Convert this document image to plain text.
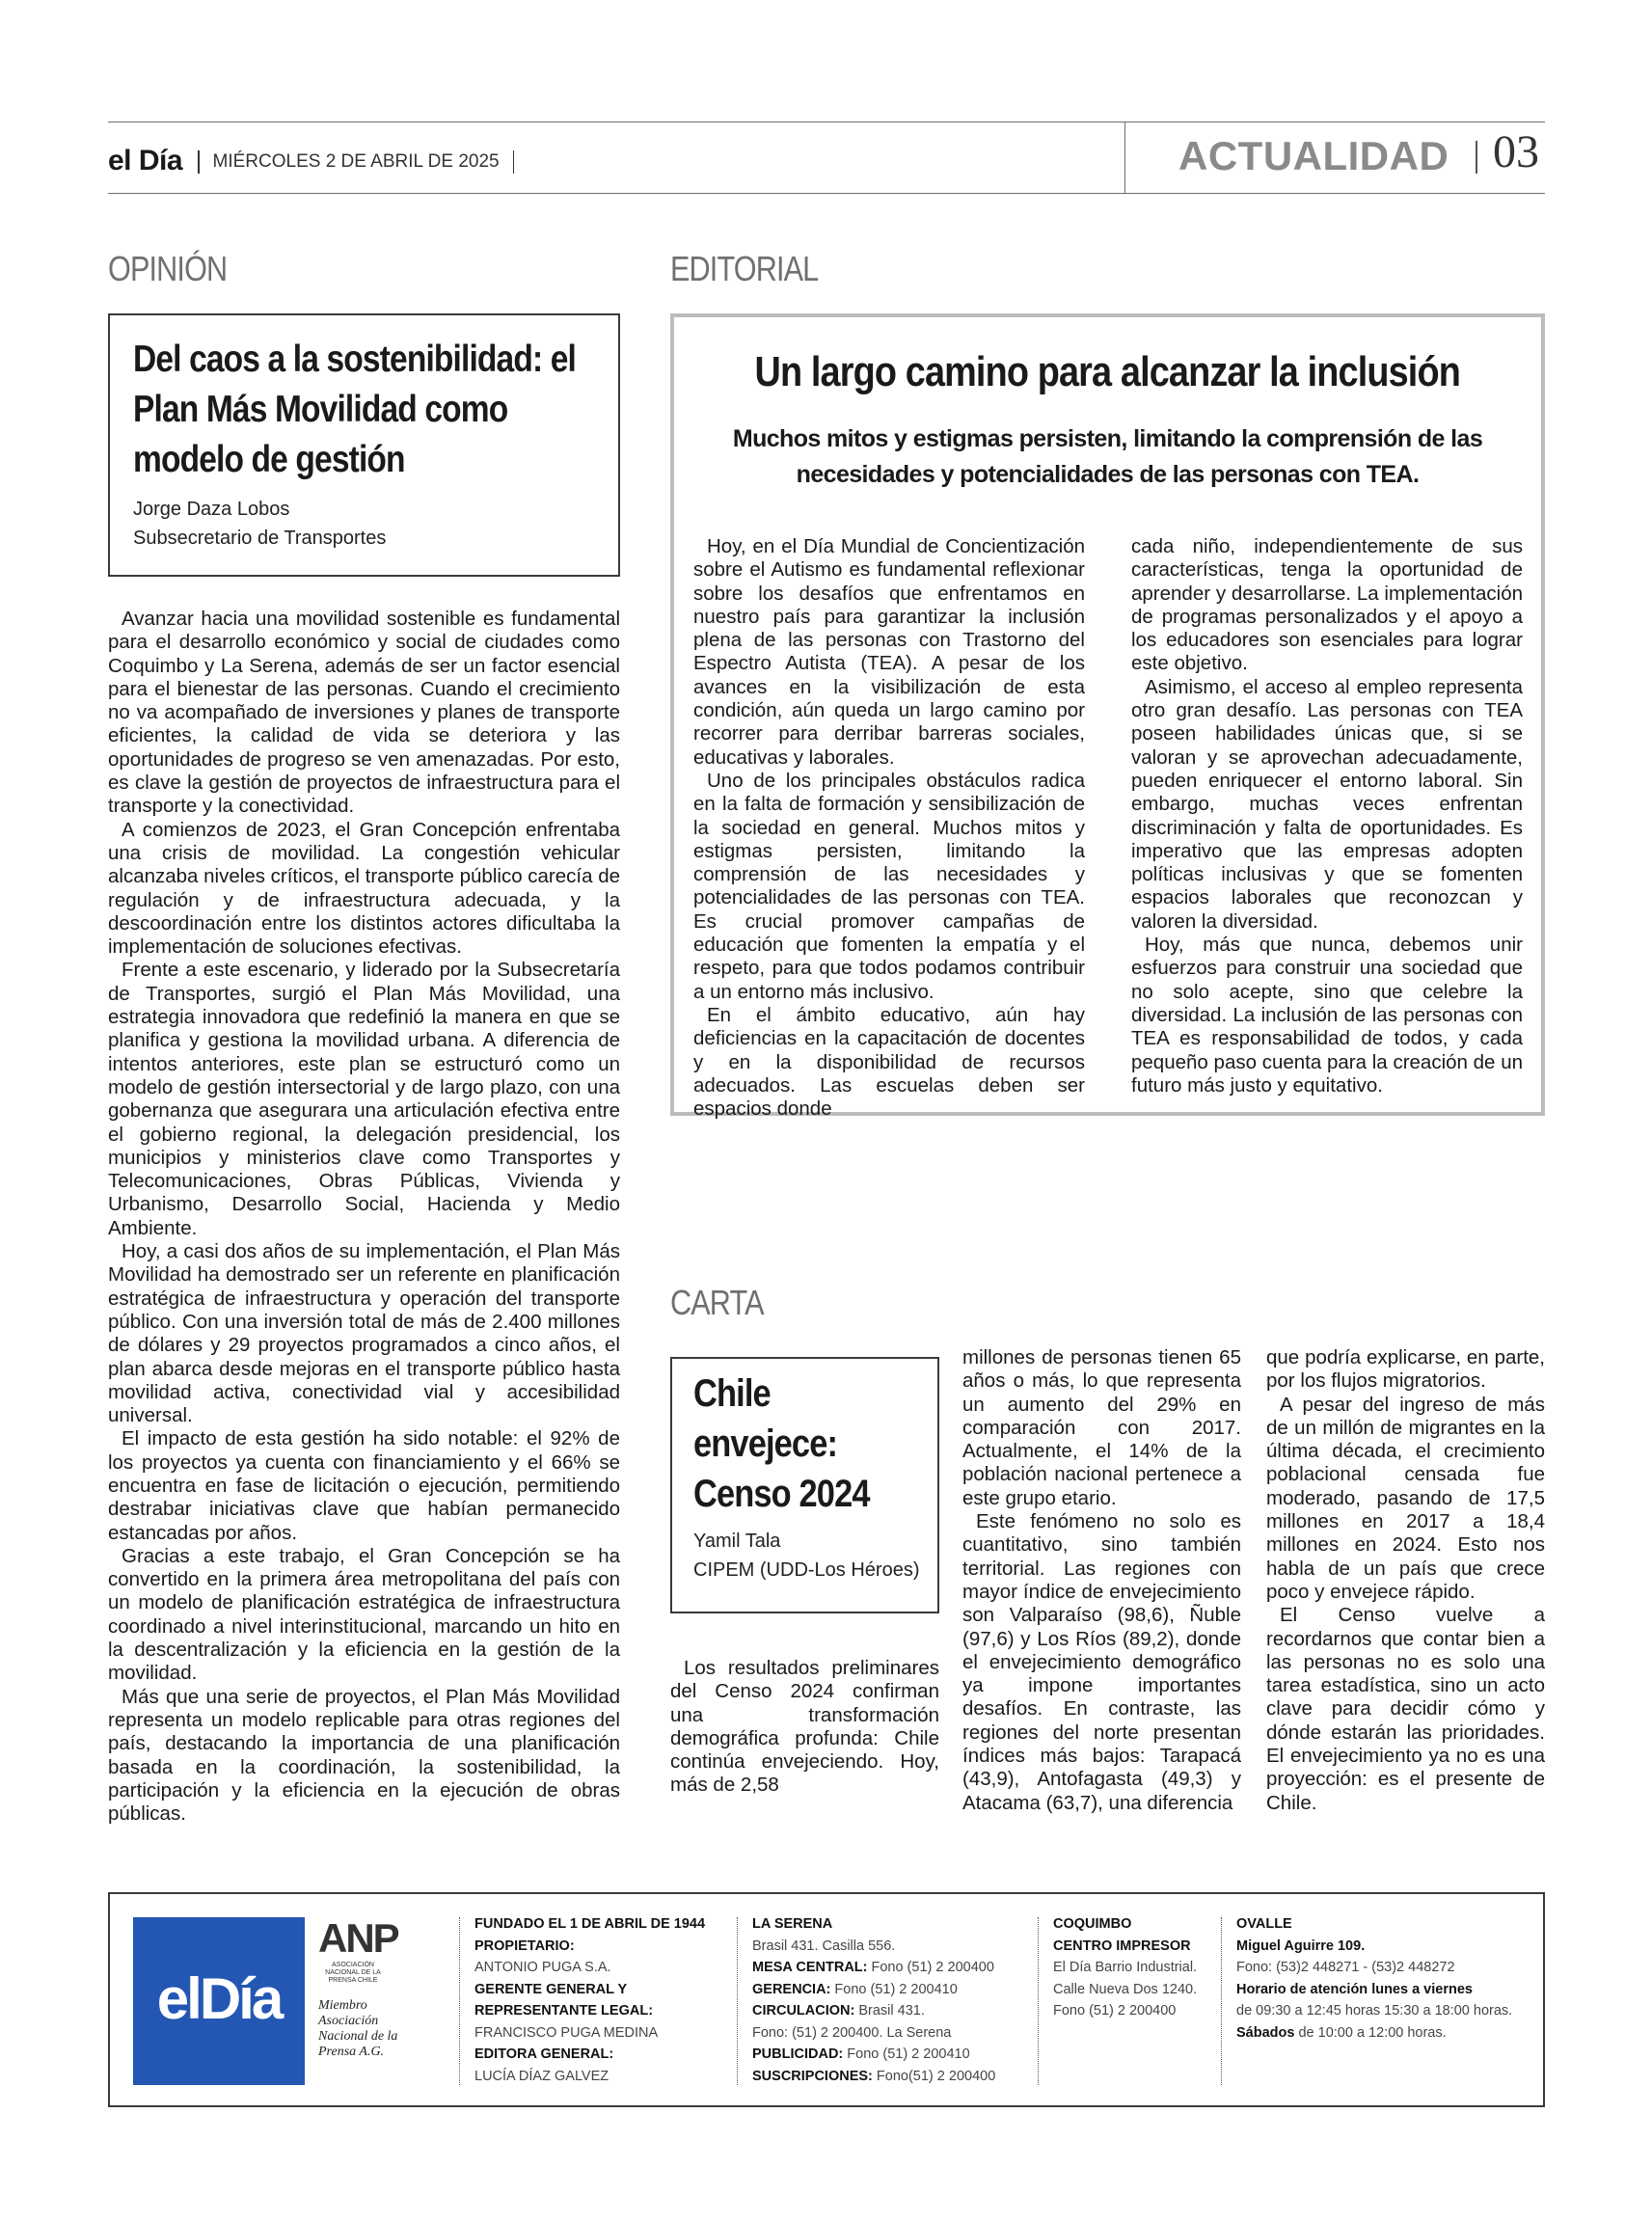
el Día MIÉRCOLES 2 DE ABRIL DE 2025	ACTUALIDAD 03
OPINIÓN
Del caos a la sostenibilidad: el Plan Más Movilidad como modelo de gestión
Jorge Daza Lobos
Subsecretario de Transportes

Avanzar hacia una movilidad sostenible es fundamental para el desarrollo económico y social de ciudades como Coquimbo y La Serena, además de ser un factor esencial para el bienestar de las personas. Cuando el crecimiento no va acompañado de inversiones y planes de transporte eficientes, la calidad de vida se deteriora y las oportunidades de progreso se ven amenazadas. Por esto, es clave la gestión de proyectos de infraestructura para el transporte y la conectividad.

A comienzos de 2023, el Gran Concepción enfrentaba una crisis de movilidad. La congestión vehicular alcanzaba niveles críticos, el transporte público carecía de regulación y de infraestructura adecuada, y la descoordinación entre los distintos actores dificultaba la implementación de soluciones efectivas.

Frente a este escenario, y liderado por la Subsecretaría de Transportes, surgió el Plan Más Movilidad, una estrategia innovadora que redefinió la manera en que se planifica y gestiona la movilidad urbana. A diferencia de intentos anteriores, este plan se estructuró como un modelo de gestión intersectorial y de largo plazo, con una gobernanza que asegurara una articulación efectiva entre el gobierno regional, la delegación presidencial, los municipios y ministerios clave como Transportes y Telecomunicaciones, Obras Públicas, Vivienda y Urbanismo, Desarrollo Social, Hacienda y Medio Ambiente.

Hoy, a casi dos años de su implementación, el Plan Más Movilidad ha demostrado ser un referente en planificación estratégica de infraestructura y operación del transporte público. Con una inversión total de más de 2.400 millones de dólares y 29 proyectos programados a cinco años, el plan abarca desde mejoras en el transporte público hasta movilidad activa, conectividad vial y accesibilidad universal.

El impacto de esta gestión ha sido notable: el 92% de los proyectos ya cuenta con financiamiento y el 66% se encuentra en fase de licitación o ejecución, permitiendo destrabar iniciativas clave que habían permanecido estancadas por años.

Gracias a este trabajo, el Gran Concepción se ha convertido en la primera área metropolitana del país con un modelo de planificación estratégica de infraestructura coordinado a nivel interinstitucional, marcando un hito en la descentralización y la eficiencia en la gestión de la movilidad.

Más que una serie de proyectos, el Plan Más Movilidad representa un modelo replicable para otras regiones del país, destacando la importancia de una planificación basada en la coordinación, la sostenibilidad, la participación y la eficiencia en la ejecución de obras públicas.

EDITORIAL
Un largo camino para alcanzar la inclusión
Muchos mitos y estigmas persisten, limitando la comprensión de las necesidades y potencialidades de las personas con TEA.

Hoy, en el Día Mundial de Concientización sobre el Autismo es fundamental reflexionar sobre los desafíos que enfrentamos en nuestro país para garantizar la inclusión plena de las personas con Trastorno del Espectro Autista (TEA). A pesar de los avances en la visibilización de esta condición, aún queda un largo camino por recorrer para derribar barreras sociales, educativas y laborales.

Uno de los principales obstáculos radica en la falta de formación y sensibilización de la sociedad en general. Muchos mitos y estigmas persisten, limitando la comprensión de las necesidades y potencialidades de las personas con TEA. Es crucial promover campañas de educación que fomenten la empatía y el respeto, para que todos podamos contribuir a un entorno más inclusivo.

En el ámbito educativo, aún hay deficiencias en la capacitación de docentes y en la disponibilidad de recursos adecuados. Las escuelas deben ser espacios donde

cada niño, independientemente de sus características, tenga la oportunidad de aprender y desarrollarse. La implementación de programas personalizados y el apoyo a los educadores son esenciales para lograr este objetivo.

Asimismo, el acceso al empleo representa otro gran desafío. Las personas con TEA poseen habilidades únicas que, si se valoran y se aprovechan adecuadamente, pueden enriquecer el entorno laboral. Sin embargo, muchas veces enfrentan discriminación y falta de oportunidades. Es imperativo que las empresas adopten políticas inclusivas y que se fomenten espacios laborales que reconozcan y valoren la diversidad.

Hoy, más que nunca, debemos unir esfuerzos para construir una sociedad que no solo acepte, sino que celebre la diversidad. La inclusión de las personas con TEA es responsabilidad de todos, y cada pequeño paso cuenta para la creación de un futuro más justo y equitativo.

CARTA
Chile envejece: Censo 2024
Yamil Tala
CIPEM (UDD-Los Héroes)

Los resultados preliminares del Censo 2024 confirman una transformación demográfica profunda: Chile continúa envejeciendo. Hoy, más de 2,58

millones de personas tienen 65 años o más, lo que representa un aumento del 29% en comparación con 2017. Actualmente, el 14% de la población nacional pertenece a este grupo etario.

Este fenómeno no solo es cuantitativo, sino también territorial. Las regiones con mayor índice de envejecimiento son Valparaíso (98,6), Ñuble (97,6) y Los Ríos (89,2), donde el envejecimiento demográfico ya impone importantes desafíos. En contraste, las regiones del norte presentan índices más bajos: Tarapacá (43,9), Antofagasta (49,3) y Atacama (63,7), una diferencia

que podría explicarse, en parte, por los flujos migratorios.

A pesar del ingreso de más de un millón de migrantes en la última década, el crecimiento poblacional censada fue moderado, pasando de 17,5 millones en 2017 a 18,4 millones en 2024. Esto nos habla de un país que crece poco y envejece rápido.

El Censo vuelve a recordarnos que contar bien a las personas no es solo una tarea estadística, sino un acto clave para decidir cómo y dónde estarán las prioridades. El envejecimiento ya no es una proyección: es el presente de Chile.

elDía
ANP
ASOCIACIÓN NACIONAL DE LA PRENSA CHILE
Miembro Asociación Nacional de la Prensa A.G.
FUNDADO EL 1 DE ABRIL DE 1944
PROPIETARIO:
ANTONIO PUGA S.A.
GERENTE GENERAL Y
REPRESENTANTE LEGAL:
FRANCISCO PUGA MEDINA
EDITORA GENERAL:
LUCÍA DÍAZ GALVEZ
LA SERENA
Brasil 431. Casilla 556.
MESA CENTRAL: Fono (51) 2 200400
GERENCIA: Fono (51) 2 200410
CIRCULACION: Brasil 431.
Fono: (51) 2 200400. La Serena
PUBLICIDAD: Fono (51) 2 200410
SUSCRIPCIONES: Fono(51) 2 200400
COQUIMBO
CENTRO IMPRESOR
El Día Barrio Industrial.
Calle Nueva Dos 1240.
Fono (51) 2 200400
OVALLE
Miguel Aguirre 109.
Fono: (53)2 448271 - (53)2 448272
Horario de atención lunes a viernes
de 09:30 a 12:45 horas 15:30 a 18:00 horas.
Sábados de 10:00 a 12:00 horas.
